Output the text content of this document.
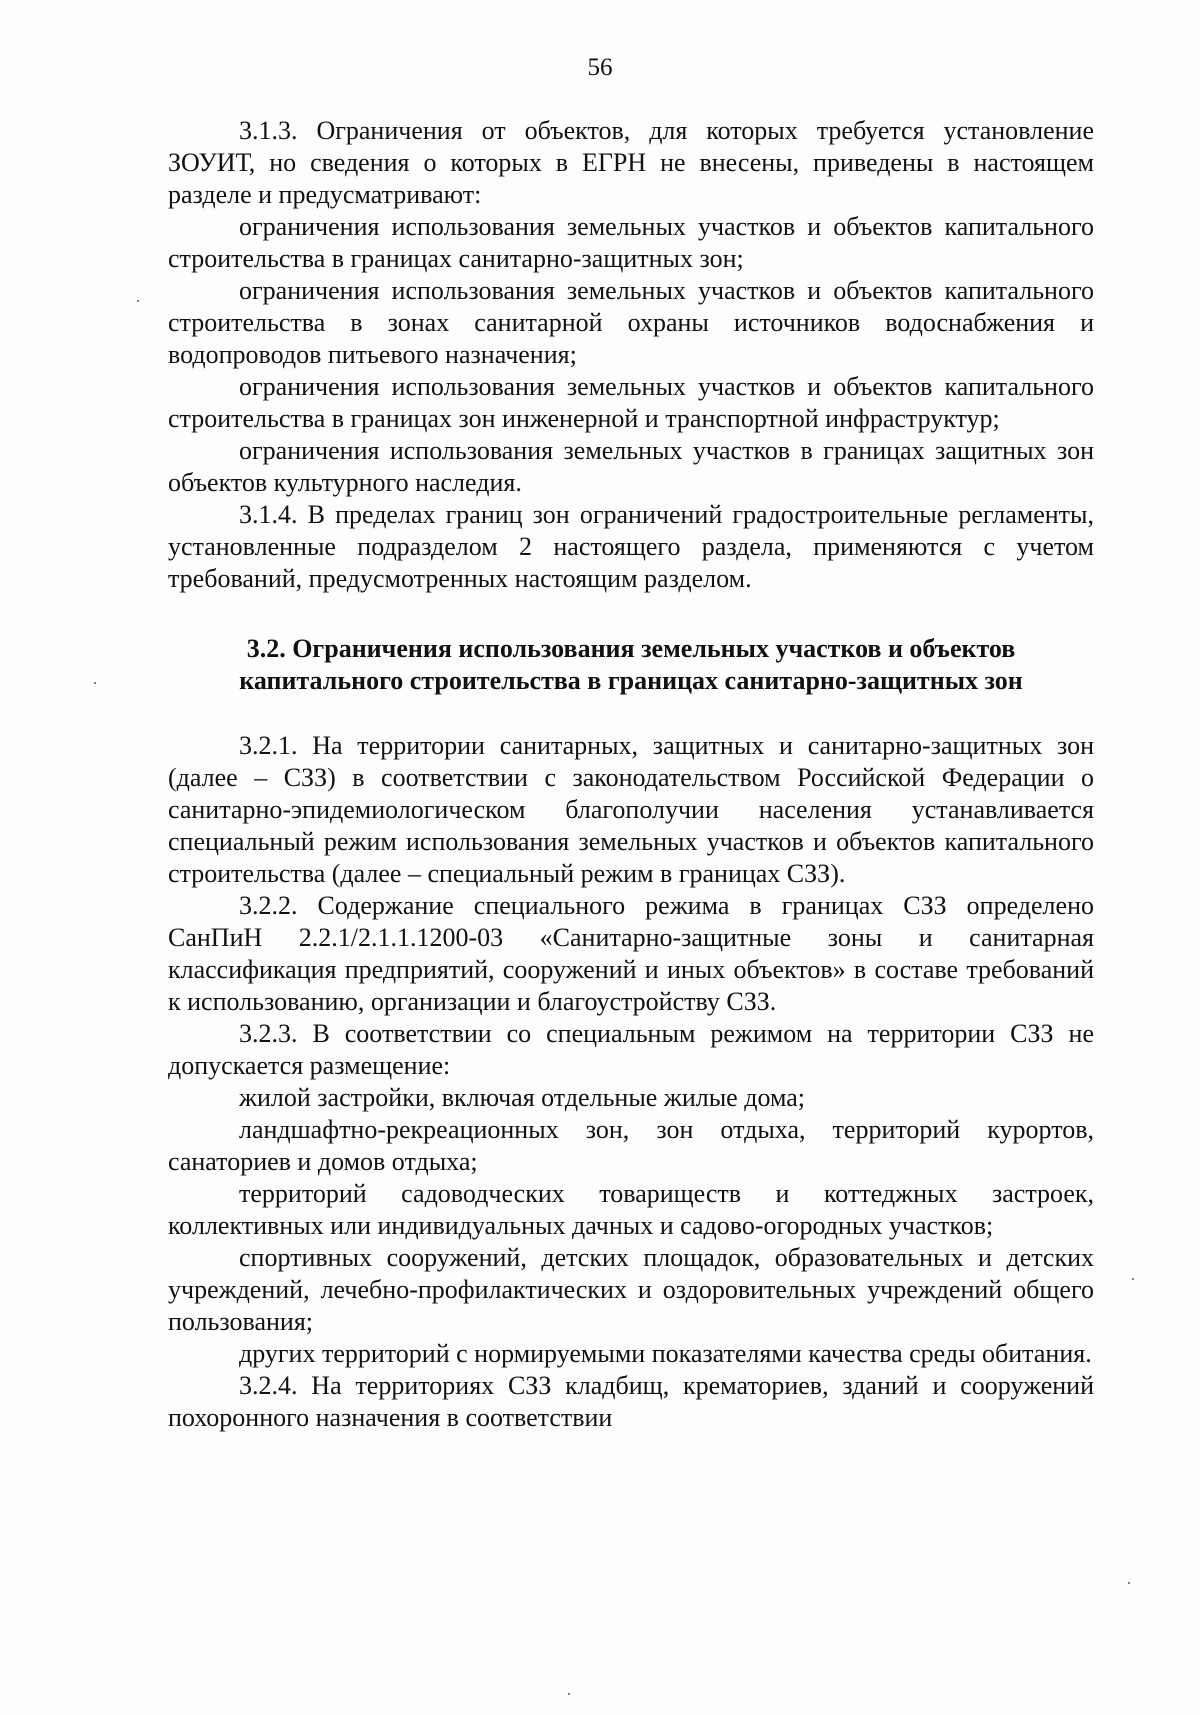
56

3.1.3. Ограничения от объектов, для которых требуется установление ЗОУИТ, но сведения о которых в ЕГРН не внесены, приведены в настоящем разделе и предусматривают:

ограничения использования земельных участков и объектов капитального строительства в границах санитарно-защитных зон;

ограничения использования земельных участков и объектов капитального строительства в зонах санитарной охраны источников водоснабжения и водопроводов питьевого назначения;

ограничения использования земельных участков и объектов капитального строительства в границах зон инженерной и транспортной инфраструктур;

ограничения использования земельных участков в границах защитных зон объектов культурного наследия.

3.1.4. В пределах границ зон ограничений градостроительные регламенты, установленные подразделом 2 настоящего раздела, применяются с учетом требований, предусмотренных настоящим разделом.

3.2. Ограничения использования земельных участков и объектов
капитального строительства в границах санитарно-защитных зон

3.2.1. На территории санитарных, защитных и санитарно-защитных зон (далее – СЗЗ) в соответствии с законодательством Российской Федерации о санитарно-эпидемиологическом благополучии населения устанавливается специальный режим использования земельных участков и объектов капитального строительства (далее – специальный режим в границах СЗЗ).

3.2.2. Содержание специального режима в границах СЗЗ определено СанПиН 2.2.1/2.1.1.1200-03 «Санитарно-защитные зоны и санитарная классификация предприятий, сооружений и иных объектов» в составе требований к использованию, организации и благоустройству СЗЗ.

3.2.3. В соответствии со специальным режимом на территории СЗЗ не допускается размещение:

жилой застройки, включая отдельные жилые дома;

ландшафтно-рекреационных зон, зон отдыха, территорий курортов, санаториев и домов отдыха;

территорий садоводческих товариществ и коттеджных застроек, коллективных или индивидуальных дачных и садово-огородных участков;

спортивных сооружений, детских площадок, образовательных и детских учреждений, лечебно-профилактических и оздоровительных учреждений общего пользования;

других территорий с нормируемыми показателями качества среды обитания.

3.2.4. На территориях СЗЗ кладбищ, крематориев, зданий и сооружений похоронного назначения в соответствии
